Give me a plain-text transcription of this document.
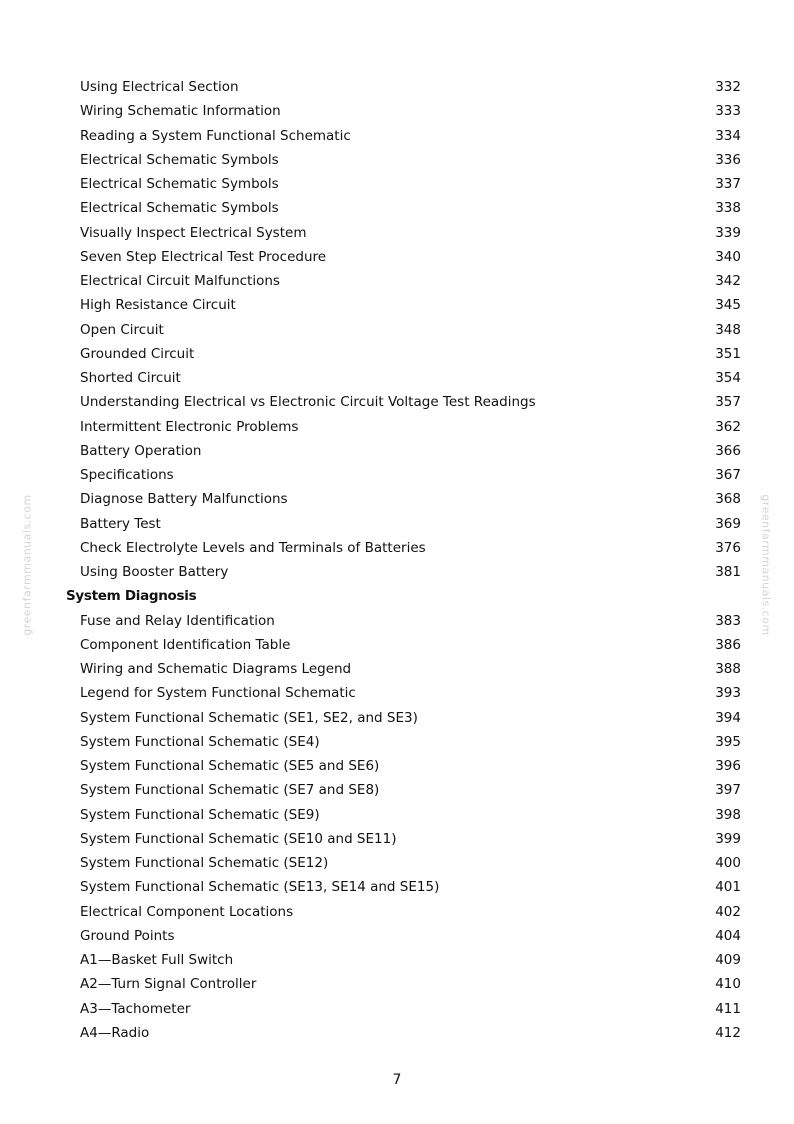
greenfarmmanuals.com	greenfarmmanuals.com
Using Electrical Section	332
Wiring Schematic Information	333
Reading a System Functional Schematic	334
Electrical Schematic Symbols	336
Electrical Schematic Symbols	337
Electrical Schematic Symbols	338
Visually Inspect Electrical System	339
Seven Step Electrical Test Procedure	340
Electrical Circuit Malfunctions	342
High Resistance Circuit	345
Open Circuit	348
Grounded Circuit	351
Shorted Circuit	354
Understanding Electrical vs Electronic Circuit Voltage Test Readings	357
Intermittent Electronic Problems	362
Battery Operation	366
Specifications	367
Diagnose Battery Malfunctions	368
Battery Test	369
Check Electrolyte Levels and Terminals of Batteries	376
Using Booster Battery	381
System Diagnosis
Fuse and Relay Identification	383
Component Identification Table	386
Wiring and Schematic Diagrams Legend	388
Legend for System Functional Schematic	393
System Functional Schematic (SE1, SE2, and SE3)	394
System Functional Schematic (SE4)	395
System Functional Schematic (SE5 and SE6)	396
System Functional Schematic (SE7 and SE8)	397
System Functional Schematic (SE9)	398
System Functional Schematic (SE10 and SE11)	399
System Functional Schematic (SE12)	400
System Functional Schematic (SE13, SE14 and SE15)	401
Electrical Component Locations	402
Ground Points	404
A1—Basket Full Switch	409
A2—Turn Signal Controller	410
A3—Tachometer	411
A4—Radio	412
7
